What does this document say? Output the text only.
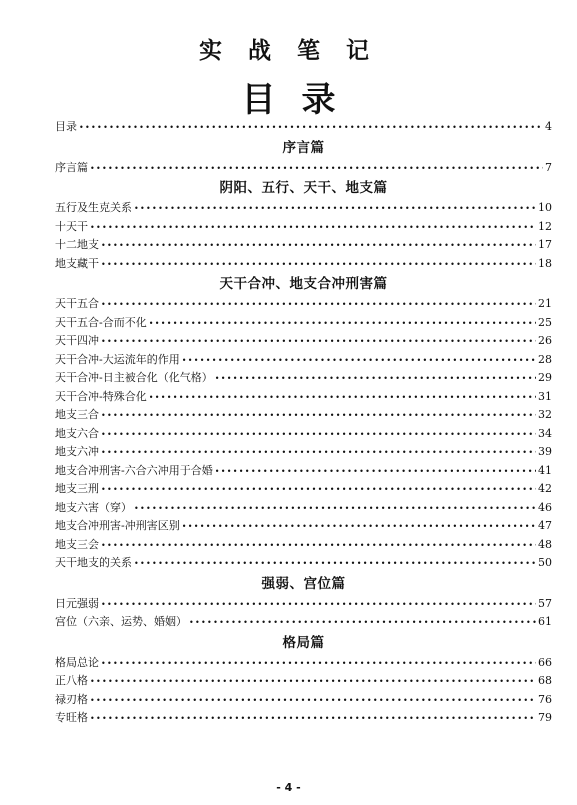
实 战 笔 记
目录
目录 •••••	4
序言篇
序言篇 •••••	7
阴阳、五行、天干、地支篇
五行及生克关系 •••••	10
十天干 •••••	12
十二地支 •••••	17
地支藏干 •••••	18
天干合冲、地支合冲刑害篇
天干五合 •••••	21
天干五合-合而不化 •••••	25
天干四冲 •••••	26
天干合冲-大运流年的作用 •••••	28
天干合冲-日主被合化（化气格） •••••	29
天干合冲-特殊合化 •••••	31
地支三合 •••••	32
地支六合 •••••	34
地支六冲 •••••	39
地支合冲刑害-六合六冲用于合婚 •••••	41
地支三刑 •••••	42
地支六害（穿） •••••	46
地支合冲刑害-冲刑害区别 •••••	47
地支三会 •••••	48
天干地支的关系 •••••	50
强弱、宫位篇
日元强弱 •••••	57
宫位（六亲、运势、婚姻） •••••	61
格局篇
格局总论 •••••	66
正八格 •••••	68
禄刃格 •••••	76
专旺格 •••••	79
- 4 -
